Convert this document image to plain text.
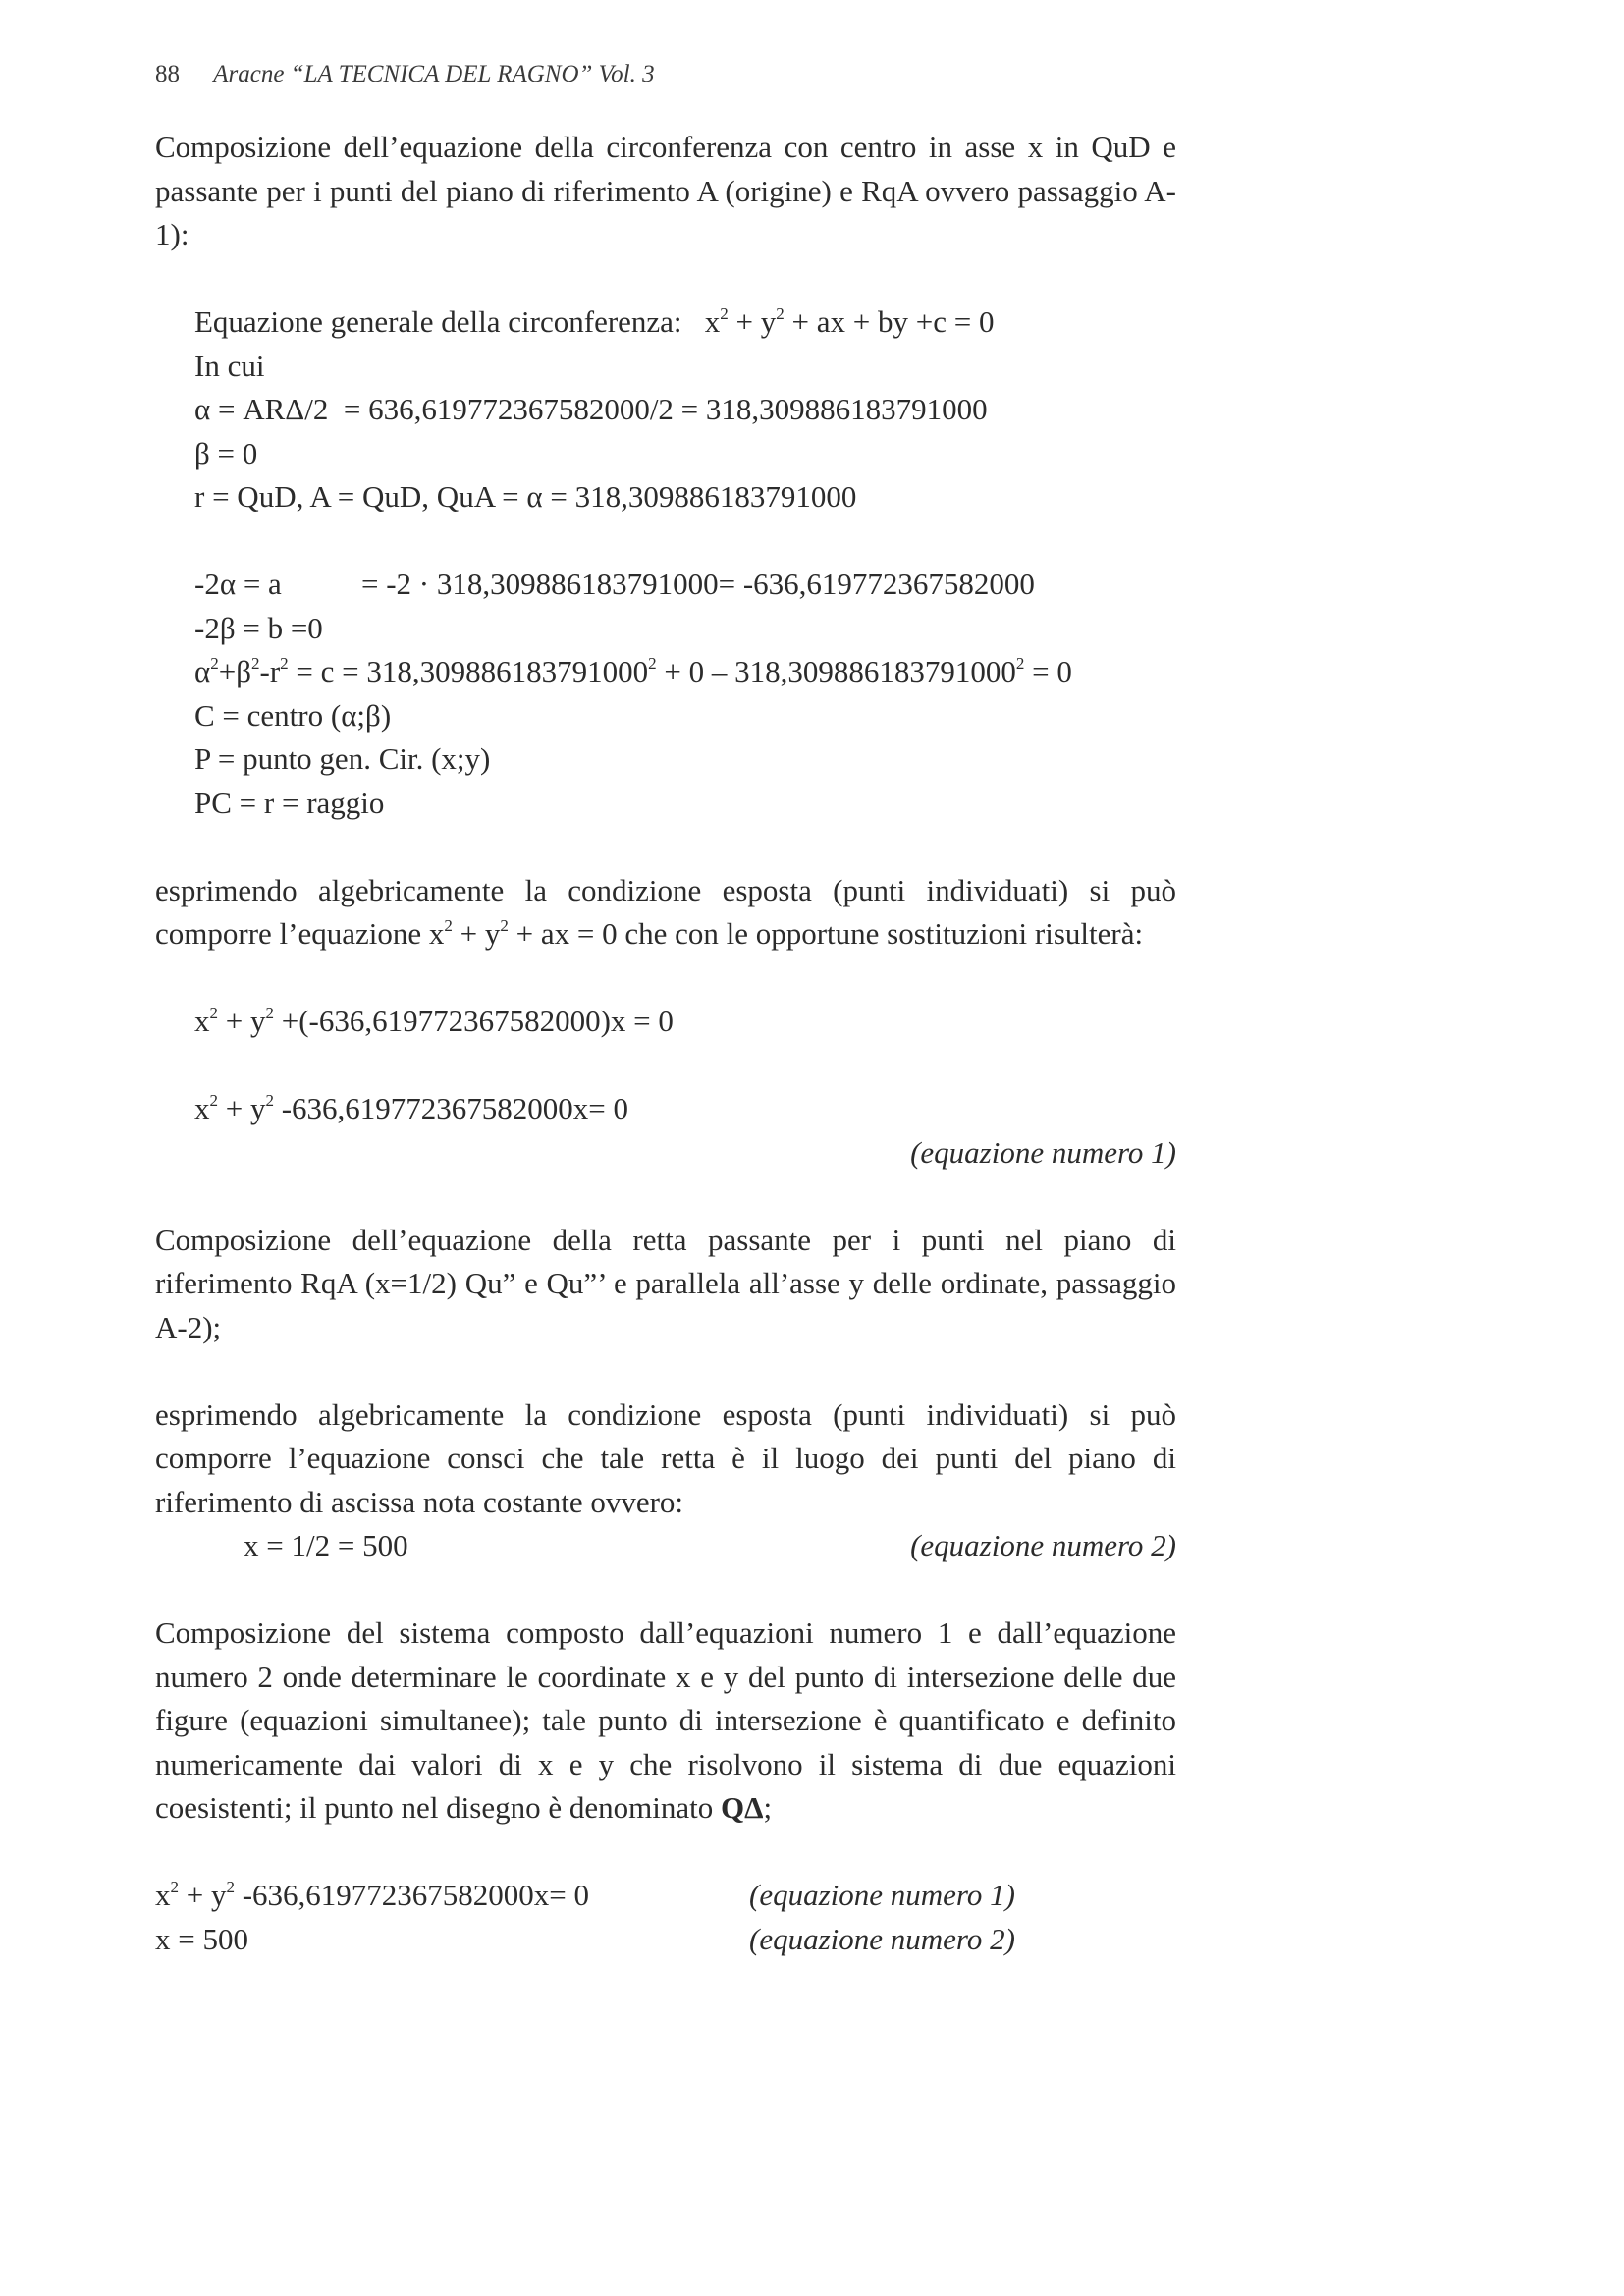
88 Aracne “LA TECNICA DEL RAGNO” Vol. 3

Composizione dell’equazione della circonferenza con centro in asse x in QuD e passante per i punti del piano di riferimento A (origine) e RqA ovvero passaggio A-1):

Equazione generale della circonferenza: $x^2 + y^2$ + ax + by +c = 0

In cui

α = ARΔ/2  = 636,619772367582000/2 = 318,309886183791000

β = 0

r = QuD, A = QuD, QuA = α = 318,309886183791000

-2α = a	= -2 · 318,309886183791000= -636,619772367582000

-2β = b =0

$\alpha^2+\beta^2-r^2 = c = 318,309886183791000^2 + 0 - 318,309886183791000^2 = 0$

C = centro (α;β)

P = punto gen. Cir. (x;y)

PC = r = raggio

esprimendo algebricamente la condizione esposta (punti individuati) si può comporre l’equazione $x^2 + y^2$ + ax = 0 che con le opportune sostituzioni risulterà:

$x^2 + y^2 +(-636,619772367582000)x = 0$

$x^2 + y^2$ -636,619772367582000x= 0

(equazione numero 1)

Composizione dell’equazione della retta passante per i punti nel piano di riferimento RqA (x=1/2) Qu” e Qu”’ e parallela all’asse y delle ordinate, passaggio A-2);

esprimendo algebricamente la condizione esposta (punti individuati) si può comporre l’equazione consci che tale retta è il luogo dei punti del piano di riferimento di ascissa nota costante ovvero:

x = 1/2 = 500	(equazione numero 2)

Composizione del sistema composto dall’equazioni numero 1 e dall’equazione numero 2 onde determinare le coordinate x e y del punto di intersezione delle due figure (equazioni simultanee); tale punto di intersezione è quantificato e definito numericamente dai valori di x e y che risolvono il sistema di due equazioni coesistenti; il punto nel disegno è denominato QΔ;

$x^2 + y^2$ -636,619772367582000x= 0	(equazione numero 1)

x = 500	(equazione numero 2)
